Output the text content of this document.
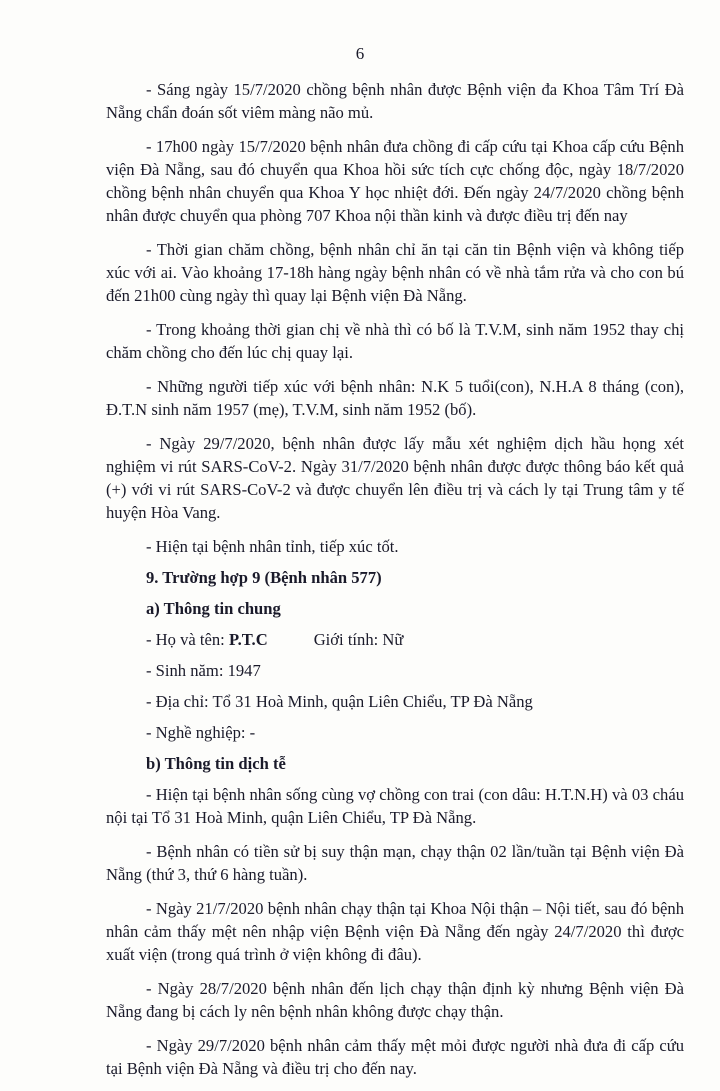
6

- Sáng ngày 15/7/2020 chồng bệnh nhân được Bệnh viện đa Khoa Tâm Trí Đà Nẵng chẩn đoán sốt viêm màng não mủ.

- 17h00 ngày 15/7/2020 bệnh nhân đưa chồng đi cấp cứu tại Khoa cấp cứu Bệnh viện Đà Nẵng, sau đó chuyển qua Khoa hồi sức tích cực chống độc, ngày 18/7/2020 chồng bệnh nhân chuyển qua Khoa Y học nhiệt đới. Đến ngày 24/7/2020 chồng bệnh nhân được chuyển qua phòng 707 Khoa nội thần kinh và được điều trị đến nay

- Thời gian chăm chồng, bệnh nhân chỉ ăn tại căn tin Bệnh viện và không tiếp xúc với ai. Vào khoảng 17-18h hàng ngày bệnh nhân có về nhà tắm rửa và cho con bú đến 21h00 cùng ngày thì quay lại Bệnh viện Đà Nẵng.

- Trong khoảng thời gian chị về nhà thì có bố là T.V.M, sinh năm 1952 thay chị chăm chồng cho đến lúc chị quay lại.

- Những người tiếp xúc với bệnh nhân: N.K 5 tuổi(con), N.H.A 8 tháng (con), Đ.T.N sinh năm 1957 (mẹ), T.V.M, sinh năm 1952 (bố).

- Ngày 29/7/2020, bệnh nhân được lấy mẫu xét nghiệm dịch hầu họng xét nghiệm vi rút SARS-CoV-2. Ngày 31/7/2020 bệnh nhân được được thông báo kết quả (+) với vi rút SARS-CoV-2 và được chuyển lên điều trị và cách ly tại Trung tâm y tế huyện Hòa Vang.

- Hiện tại bệnh nhân tỉnh, tiếp xúc tốt.

9. Trường hợp 9 (Bệnh nhân 577)

a) Thông tin chung

- Họ và tên: P.T.C	Giới tính: Nữ

- Sinh năm: 1947

- Địa chỉ: Tổ 31 Hoà Minh, quận Liên Chiểu, TP Đà Nẵng

- Nghề nghiệp: -

b) Thông tin dịch tễ

- Hiện tại bệnh nhân sống cùng vợ chồng con trai (con dâu: H.T.N.H) và 03 cháu nội tại Tổ 31 Hoà Minh, quận Liên Chiểu, TP Đà Nẵng.

- Bệnh nhân có tiền sử bị suy thận mạn, chạy thận 02 lần/tuần tại Bệnh viện Đà Nẵng (thứ 3, thứ 6 hàng tuần).

- Ngày 21/7/2020 bệnh nhân chạy thận tại Khoa Nội thận – Nội tiết, sau đó bệnh nhân cảm thấy mệt nên nhập viện Bệnh viện Đà Nẵng đến ngày 24/7/2020 thì được xuất viện (trong quá trình ở viện không đi đâu).

- Ngày 28/7/2020 bệnh nhân đến lịch chạy thận định kỳ nhưng Bệnh viện Đà Nẵng đang bị cách ly nên bệnh nhân không được chạy thận.

- Ngày 29/7/2020 bệnh nhân cảm thấy mệt mỏi được người nhà đưa đi cấp cứu tại Bệnh viện Đà Nẵng và điều trị cho đến nay.
